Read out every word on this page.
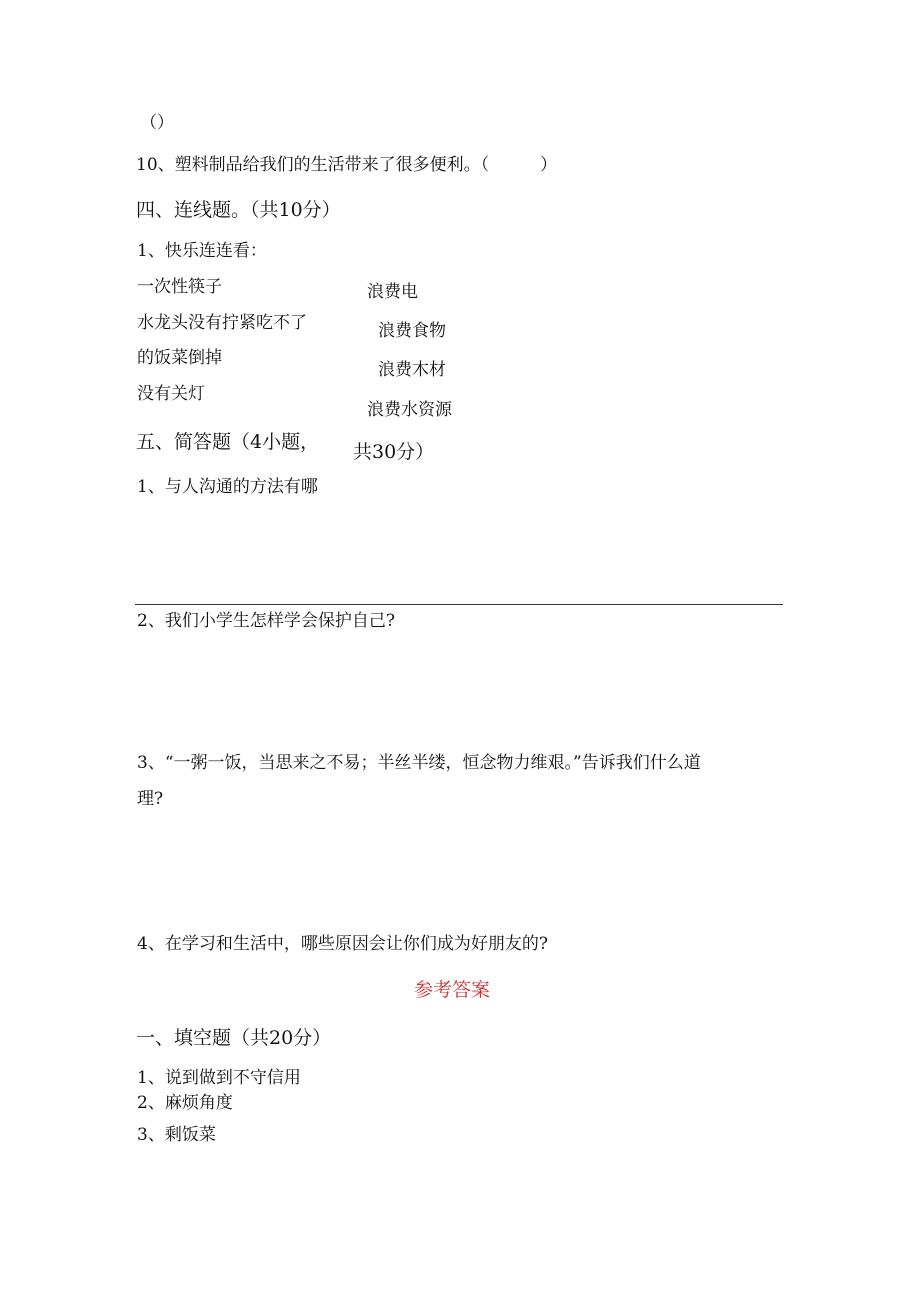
（）
10、塑料制品给我们的生活带来了很多便利。（　　　）
四、连线题。（共10分）
1、快乐连连看：
一次性筷子
水龙头没有拧紧吃不了
的饭菜倒掉
没有关灯
浪费电
浪费食物
浪费木材
浪费水资源
五、简答题（4小题， 共30分）
1、与人沟通的方法有哪
2、我们小学生怎样学会保护自己?
3、“一粥一饭，当思来之不易；半丝半缕，恒念物力维艰。”告诉我们什么道
理?
4、在学习和生活中，哪些原因会让你们成为好朋友的?
参考答案
一、填空题（共20分）
1、说到做到不守信用
2、麻烦角度
3、剩饭菜
